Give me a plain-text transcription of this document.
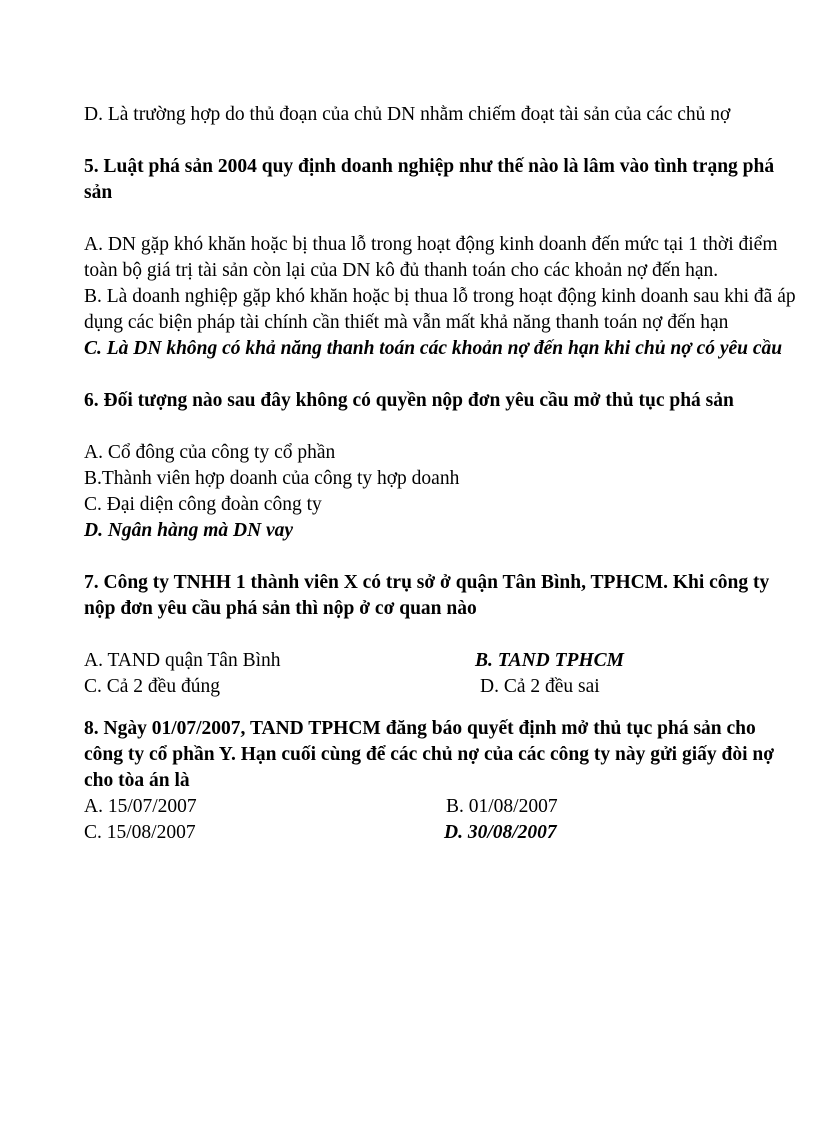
D. Là trường hợp do thủ đoạn của chủ DN nhằm chiếm đoạt tài sản của các chủ nợ

5. Luật phá sản 2004 quy định doanh nghiệp như thế nào là lâm vào tình trạng phá sản

A. DN gặp khó khăn hoặc bị thua lỗ trong hoạt động kinh doanh đến mức tại 1 thời điểm toàn bộ giá trị tài sản còn lại của DN kô đủ thanh toán cho các khoản nợ đến hạn.

B. Là doanh nghiệp gặp khó khăn hoặc bị thua lỗ trong hoạt động kinh doanh sau khi đã áp dụng các biện pháp tài chính cần thiết mà vẫn mất khả năng thanh toán nợ đến hạn

C. Là DN không có khả năng thanh toán các khoản nợ đến hạn khi chủ nợ có yêu cầu

6. Đối tượng nào sau đây không có quyền nộp đơn yêu cầu mở thủ tục phá sản

A. Cổ đông của công ty cổ phần

B.Thành viên hợp doanh của công ty hợp doanh

C. Đại diện công đoàn công ty

D. Ngân hàng mà DN vay

7. Công ty TNHH 1 thành viên X có trụ sở ở quận Tân Bình, TPHCM. Khi công ty nộp đơn yêu cầu phá sản thì nộp ở cơ quan nào

A. TAND quận Tân Bình	B. TAND TPHCM
C. Cả 2 đều đúng	D. Cả 2 đều sai

8. Ngày 01/07/2007, TAND TPHCM đăng báo quyết định mở thủ tục phá sản cho công ty cổ phần Y. Hạn cuối cùng để các chủ nợ của các công ty này gửi giấy đòi nợ cho tòa án là

A. 15/07/2007	B. 01/08/2007
C. 15/08/2007	D. 30/08/2007
